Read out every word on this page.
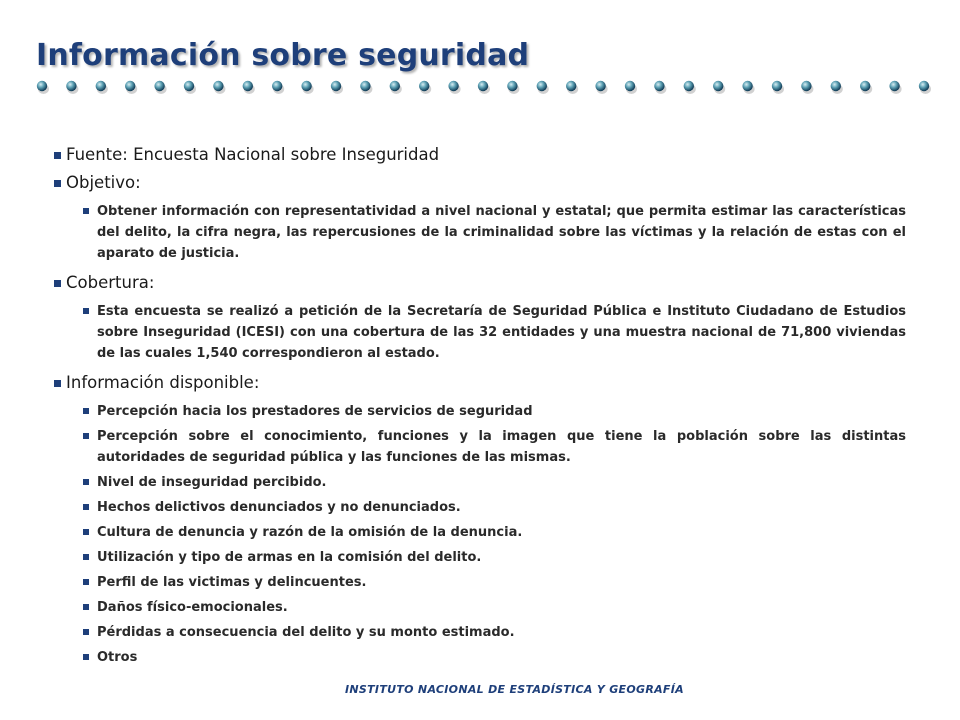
Información sobre seguridad
Fuente: Encuesta Nacional sobre Inseguridad
Objetivo:
Obtener información con representatividad a nivel nacional y estatal; que permita estimar las características del delito, la cifra negra, las repercusiones de la criminalidad sobre las víctimas y la relación de estas con el aparato de justicia.
Cobertura:
Esta encuesta se realizó a petición de la Secretaría de Seguridad Pública e Instituto Ciudadano de Estudios sobre Inseguridad (ICESI) con una cobertura de las 32 entidades y una muestra nacional de 71,800 viviendas de las cuales 1,540 correspondieron al estado.
Información disponible:
Percepción hacia los prestadores de servicios de seguridad
Percepción sobre el conocimiento, funciones y la imagen que tiene la población sobre las distintas autoridades de seguridad pública y las funciones de las mismas.
Nivel de inseguridad percibido.
Hechos delictivos denunciados y no denunciados.
Cultura de denuncia y razón de la omisión de la denuncia.
Utilización y tipo de armas en la comisión del delito.
Perfil de las victimas y delincuentes.
Daños físico-emocionales.
Pérdidas a consecuencia del delito y su monto estimado.
Otros
INSTITUTO NACIONAL DE ESTADÍSTICA Y GEOGRAFÍA
